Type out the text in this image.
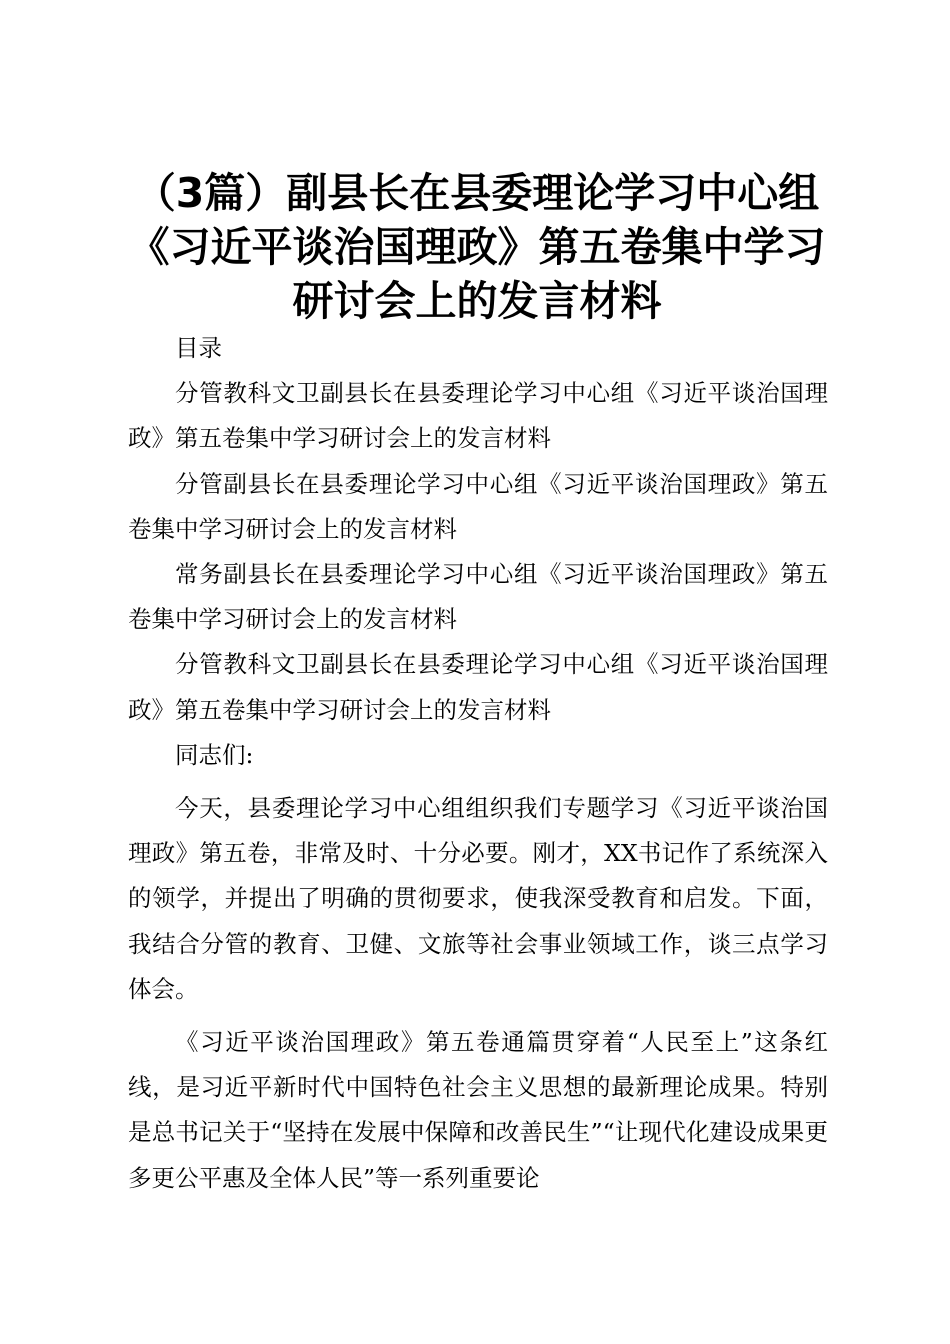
（3篇）副县长在县委理论学习中心组
《习近平谈治国理政》第五卷集中学习
研讨会上的发言材料

目录

分管教科文卫副县长在县委理论学习中心组《习近平谈治国理政》第五卷集中学习研讨会上的发言材料

分管副县长在县委理论学习中心组《习近平谈治国理政》第五卷集中学习研讨会上的发言材料

常务副县长在县委理论学习中心组《习近平谈治国理政》第五卷集中学习研讨会上的发言材料

分管教科文卫副县长在县委理论学习中心组《习近平谈治国理政》第五卷集中学习研讨会上的发言材料

同志们:

今天，县委理论学习中心组组织我们专题学习《习近平谈治国理政》第五卷，非常及时、十分必要。刚才，XX书记作了系统深入的领学，并提出了明确的贯彻要求，使我深受教育和启发。下面，我结合分管的教育、卫健、文旅等社会事业领域工作，谈三点学习体会。

《习近平谈治国理政》第五卷通篇贯穿着“人民至上”这条红线，是习近平新时代中国特色社会主义思想的最新理论成果。特别是总书记关于“坚持在发展中保障和改善民生”“让现代化建设成果更多更公平惠及全体人民”等一系列重要论
